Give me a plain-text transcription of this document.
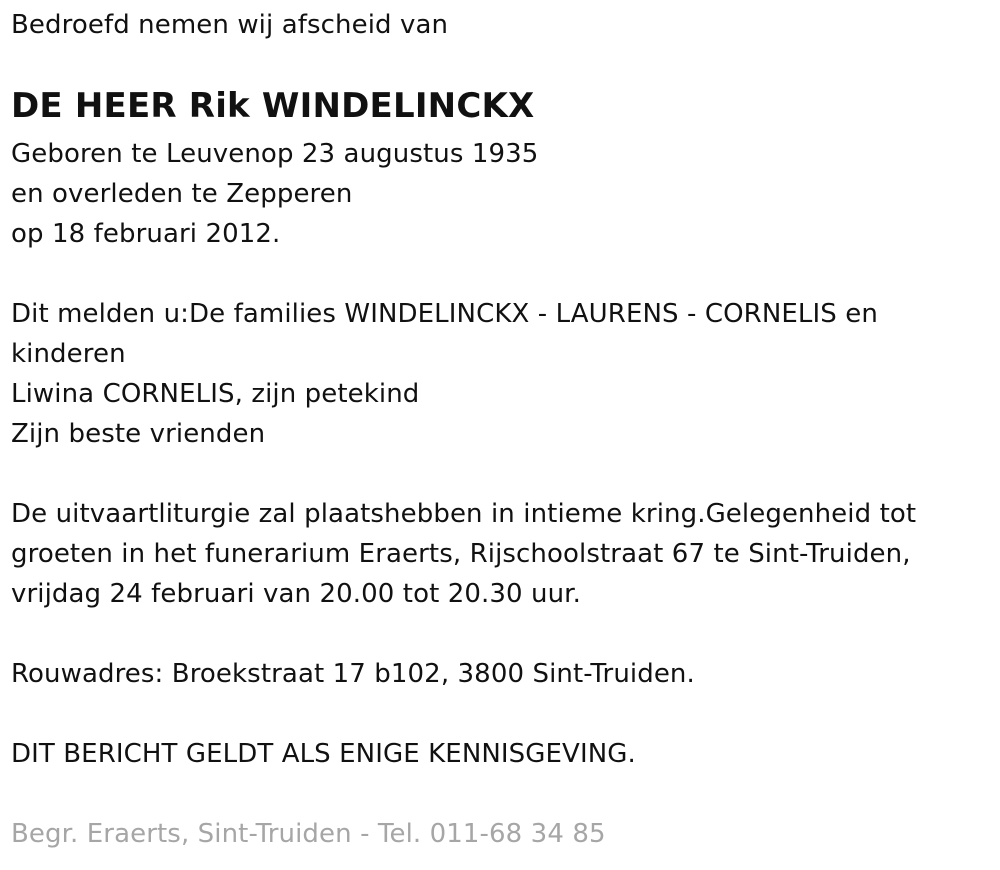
Bedroefd nemen wij afscheid van
DE HEER Rik WINDELINCKX
Geboren te Leuvenop 23 augustus 1935
en overleden te Zepperen
op 18 februari 2012.
Dit melden u:De families WINDELINCKX - LAURENS - CORNELIS en
kinderen
Liwina CORNELIS, zijn petekind
Zijn beste vrienden
De uitvaartliturgie zal plaatshebben in intieme kring.Gelegenheid tot
groeten in het funerarium Eraerts, Rijschoolstraat 67 te Sint-Truiden,
vrijdag 24 februari van 20.00 tot 20.30 uur.
Rouwadres: Broekstraat 17 b102, 3800 Sint-Truiden.
DIT BERICHT GELDT ALS ENIGE KENNISGEVING.
Begr. Eraerts, Sint-Truiden - Tel. 011-68 34 85
